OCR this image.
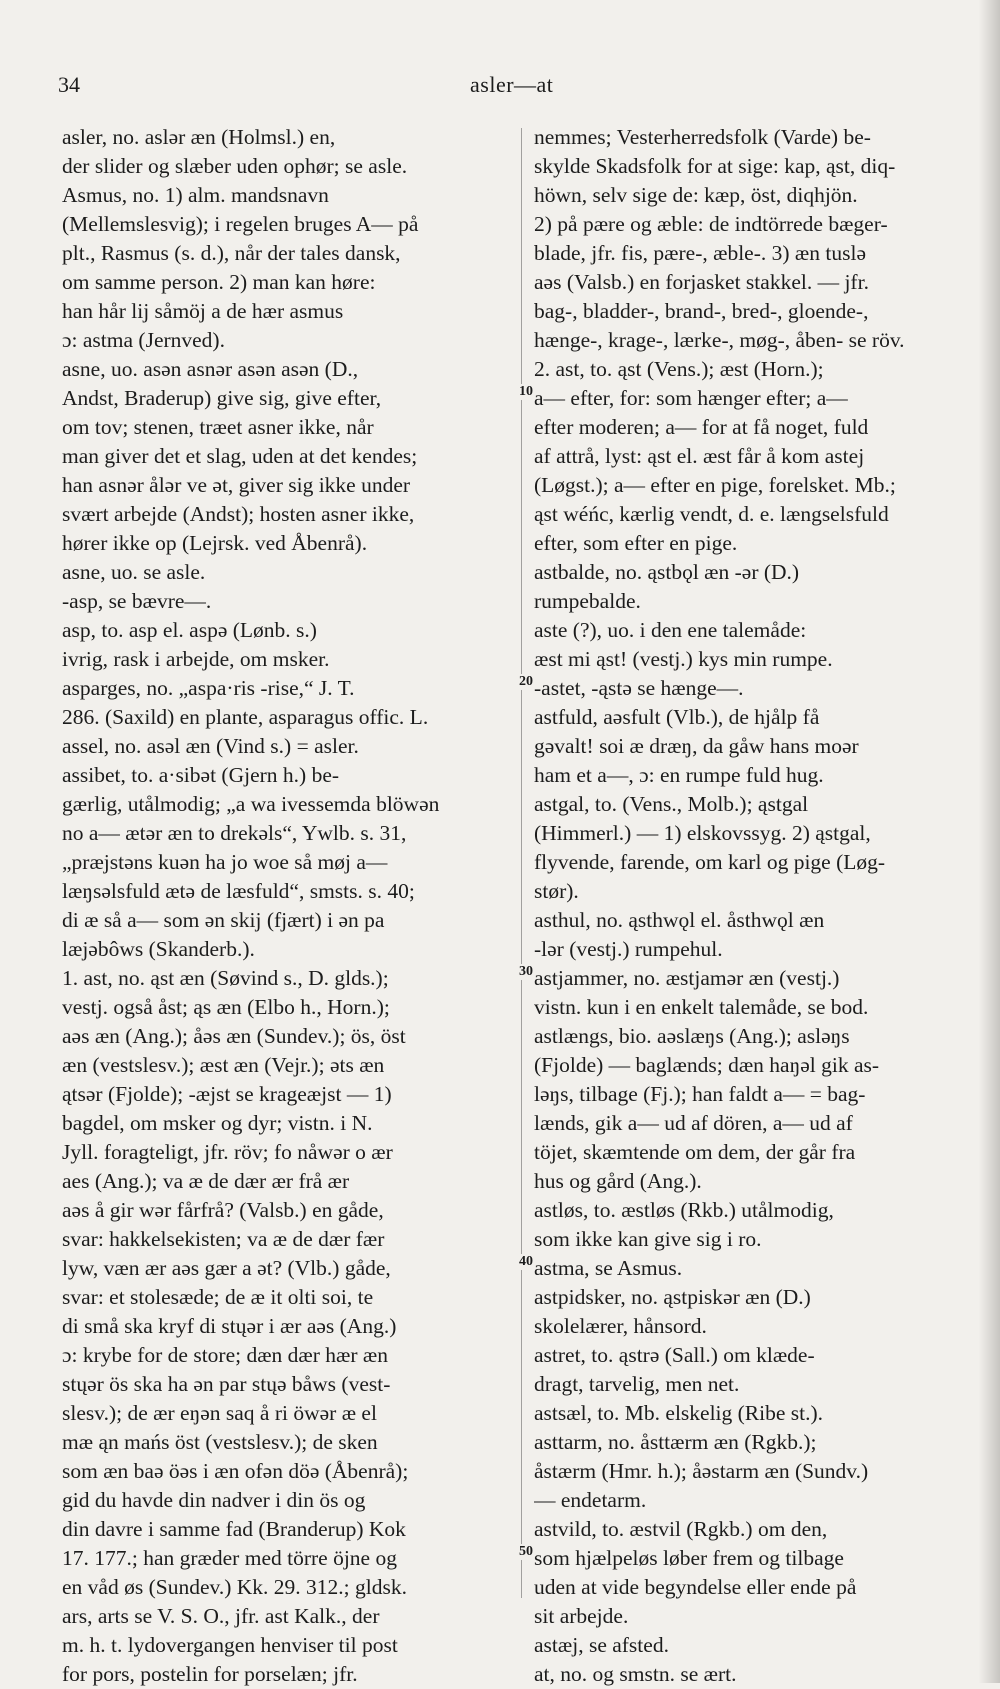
34	asler—at
10
20
30
40
50
asler, no. aslər æn (Holmsl.) en,
der slider og slæber uden ophør; se asle.
Asmus, no. 1) alm. mandsnavn
(Mellemslesvig); i regelen bruges A— på
plt., Rasmus (s. d.), når der tales dansk,
om samme person. 2) man kan høre:
han hår lij såmöj a de hær asmus
ɔ: astma (Jernved).
asne, uo. asən asnər asən asən (D.,
Andst, Braderup) give sig, give efter,
om tov; stenen, træet asner ikke, når
man giver det et slag, uden at det kendes;
han asnər ålər ve ət, giver sig ikke under
svært arbejde (Andst); hosten asner ikke,
hører ikke op (Lejrsk. ved Åbenrå).
asne, uo. se asle.
-asp, se bævre—.
asp, to. asp el. aspə (Lønb. s.)
ivrig, rask i arbejde, om msker.
asparges, no. „aspa·ris -rise,“ J. T.
286. (Saxild) en plante, asparagus offic. L.
assel, no. asəl æn (Vind s.) = asler.
assibet, to. a·sibət (Gjern h.) be-
gærlig, utålmodig; „a wa ivessemda blöwən
no a— ætər æn to drekəls“, Ywlb. s. 31,
„præjstəns kuən ha jo woe så møj a—
læŋsəlsfuld ætə de læsfuld“, smsts. s. 40;
di æ så a— som ən skij (fjært) i ən pa
læjəbôws (Skanderb.).
1. ast, no. ąst æn (Søvind s., D. glds.);
vestj. også åst; ąs æn (Elbo h., Horn.);
aəs æn (Ang.); åəs æn (Sundev.); ös, öst
æn (vestslesv.); æst æn (Vejr.); əts æn
ątsər (Fjolde); -æjst se krageæjst — 1)
bagdel, om msker og dyr; vistn. i N.
Jyll. foragteligt, jfr. röv; fo nåwər o ær
aes (Ang.); va æ de dær ær frå ær
aəs å gir wər fårfrå? (Valsb.) en gåde,
svar: hakkelsekisten; va æ de dær fær
lyw, væn ær aəs gær a ət? (Vlb.) gåde,
svar: et stolesæde; de æ it olti soi, te
di små ska kryf di stųər i ær aəs (Ang.)
ɔ: krybe for de store; dæn dær hær æn
stųər ös ska ha ən par stųə båws (vest-
slesv.); de ær eŋən saq å ri öwər æ el
mæ ąn mańs öst (vestslesv.); de sken
som æn baə öəs i æn ofən döə (Åbenrå);
gid du havde din nadver i din ös og
din davre i samme fad (Branderup) Kok
17. 177.; han græder med törre öjne og
en våd øs (Sundev.) Kk. 29. 312.; gldsk.
ars, arts se V. S. O., jfr. ast Kalk., der
m. h. t. lydovergangen henviser til post
for pors, postelin for porselæn; jfr.
nemmes; Vesterherredsfolk (Varde) be-
skylde Skadsfolk for at sige: kap, ąst, diq-
höwn, selv sige de: kæp, öst, diqhjön.
2) på pære og æble: de indtörrede bæger-
blade, jfr. fis, pære-, æble-. 3) æn tuslə
aəs (Valsb.) en forjasket stakkel. — jfr.
bag-, bladder-, brand-, bred-, gloende-,
hænge-, krage-, lærke-, møg-, åben- se röv.
2. ast, to. ąst (Vens.); æst (Horn.);
a— efter, for: som hænger efter; a—
efter moderen; a— for at få noget, fuld
af attrå, lyst: ąst el. æst får å kom astej
(Løgst.); a— efter en pige, forelsket. Mb.;
ąst wéńc, kærlig vendt, d. e. længselsfuld
efter, som efter en pige.
astbalde, no. ąstbǫl æn -ər (D.)
rumpebalde.
aste (?), uo. i den ene talemåde:
æst mi ąst! (vestj.) kys min rumpe.
-astet, -ąstə se hænge—.
astfuld, aəsfult (Vlb.), de hjålp få
gəvalt! soi æ dræŋ, da gåw hans moər
ham et a—, ɔ: en rumpe fuld hug.
astgal, to. (Vens., Molb.); ąstgal
(Himmerl.) — 1) elskovssyg. 2) ąstgal,
flyvende, farende, om karl og pige (Løg-
stør).
asthul, no. ąsthwǫl el. åsthwǫl æn
-lər (vestj.) rumpehul.
astjammer, no. æstjamər æn (vestj.)
vistn. kun i en enkelt talemåde, se bod.
astlængs, bio. aəslæŋs (Ang.); asləŋs
(Fjolde) — baglænds; dæn haŋəl gik as-
ləŋs, tilbage (Fj.); han faldt a— = bag-
lænds, gik a— ud af dören, a— ud af
töjet, skæmtende om dem, der går fra
hus og gård (Ang.).
astløs, to. æstløs (Rkb.) utålmodig,
som ikke kan give sig i ro.
astma, se Asmus.
astpidsker, no. ąstpiskər æn (D.)
skolelærer, hånsord.
astret, to. ąstrə (Sall.) om klæde-
dragt, tarvelig, men net.
astsæl, to. Mb. elskelig (Ribe st.).
asttarm, no. åsttærm æn (Rgkb.);
åstærm (Hmr. h.); åəstarm æn (Sundv.)
— endetarm.
astvild, to. æstvil (Rgkb.) om den,
som hjælpeløs løber frem og tilbage
uden at vide begyndelse eller ende på
sit arbejde.
astæj, se afsted.
at, no. og smstn. se ært.
